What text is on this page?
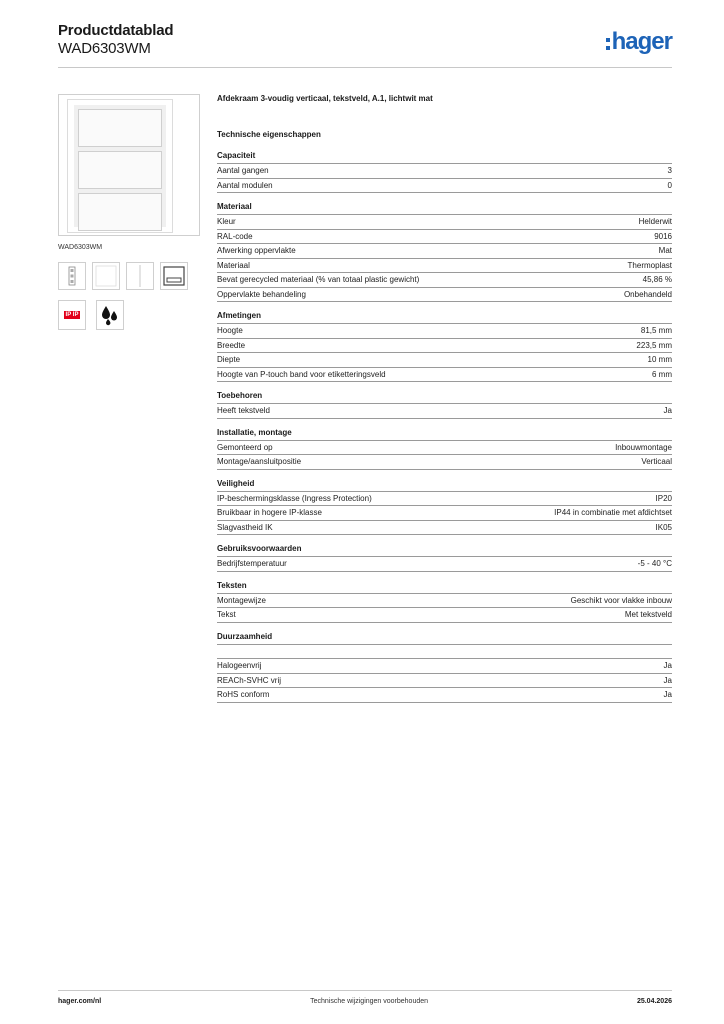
Productdatablad
WAD6303WM	hager
WAD6303WM
IP IP
Afdekraam 3-voudig verticaal, tekstveld, A.1, lichtwit mat
Technische eigenschappen
Capaciteit
Aantal gangen	3
Aantal modulen	0
Materiaal
Kleur	Helderwit
RAL-code	9016
Afwerking oppervlakte	Mat
Materiaal	Thermoplast
Bevat gerecycled materiaal (% van totaal plastic gewicht)	45,86 %
Oppervlakte behandeling	Onbehandeld
Afmetingen
Hoogte	81,5 mm
Breedte	223,5 mm
Diepte	10 mm
Hoogte van P-touch band voor etiketteringsveld	6 mm
Toebehoren
Heeft tekstveld	Ja
Installatie, montage
Gemonteerd op	Inbouwmontage
Montage/aansluitpositie	Verticaal
Veiligheid
IP-beschermingsklasse (Ingress Protection)	IP20
Bruikbaar in hogere IP-klasse	IP44 in combinatie met afdichtset
Slagvastheid IK	IK05
Gebruiksvoorwaarden
Bedrijfstemperatuur	-5 - 40 °C
Teksten
Montagewijze	Geschikt voor vlakke inbouw
Tekst	Met tekstveld
Duurzaamheid
Halogeenvrij	Ja
REACh-SVHC vrij	Ja
RoHS conform	Ja
hager.com/nl	Technische wijzigingen voorbehouden	25.04.2026
